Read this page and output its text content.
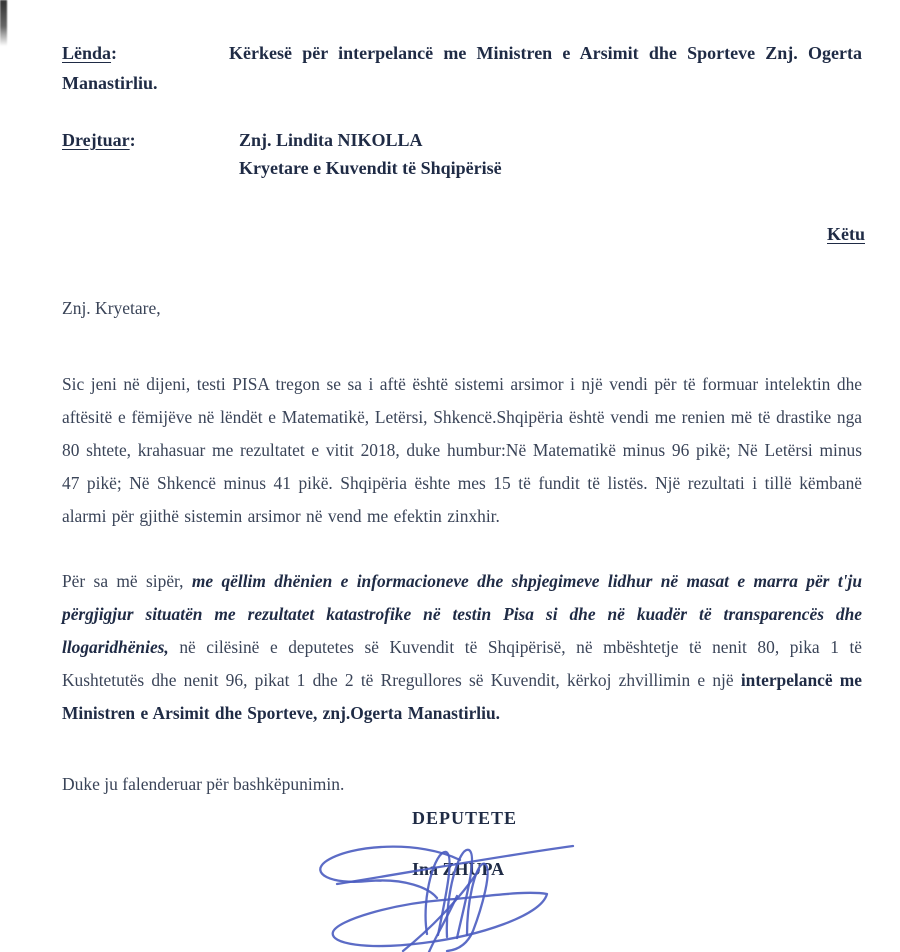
Lënda:	Kërkesë për interpelancë me Ministren e Arsimit dhe Sporteve Znj. Ogerta Manastirliu.

Drejtuar:	Znj. Lindita NIKOLLA
Kryetare e Kuvendit të Shqipërisë

Këtu

Znj. Kryetare,

Sic jeni në dijeni, testi PISA tregon se sa i aftë është sistemi arsimor i një vendi për të formuar intelektin dhe aftësitë e fëmijëve në lëndët e Matematikë, Letërsi, Shkencë.Shqipëria është vendi me renien më të drastike nga 80 shtete, krahasuar me rezultatet e vitit 2018, duke humbur:Në Matematikë minus 96 pikë; Në Letërsi minus 47 pikë; Në Shkencë minus 41 pikë. Shqipëria ështe mes 15 të fundit të listës. Një rezultati i tillë këmbanë alarmi për gjithë sistemin arsimor në vend me efektin zinxhir.

Për sa më sipër, me qëllim dhënien e informacioneve dhe shpjegimeve lidhur në masat e marra për t'ju përgjigjur situatën me rezultatet katastrofike në testin Pisa si dhe në kuadër të transparencës dhe llogaridhënies, në cilësinë e deputetes së Kuvendit të Shqipërisë, në mbështetje të nenit 80, pika 1 të Kushtetutës dhe nenit 96, pikat 1 dhe 2 të Rregullores së Kuvendit, kërkoj zhvillimin e një interpelancë me Ministren e Arsimit dhe Sporteve, znj.Ogerta Manastirliu.

Duke ju falenderuar për bashkëpunimin.

DEPUTETE

Ina ZHUPA
